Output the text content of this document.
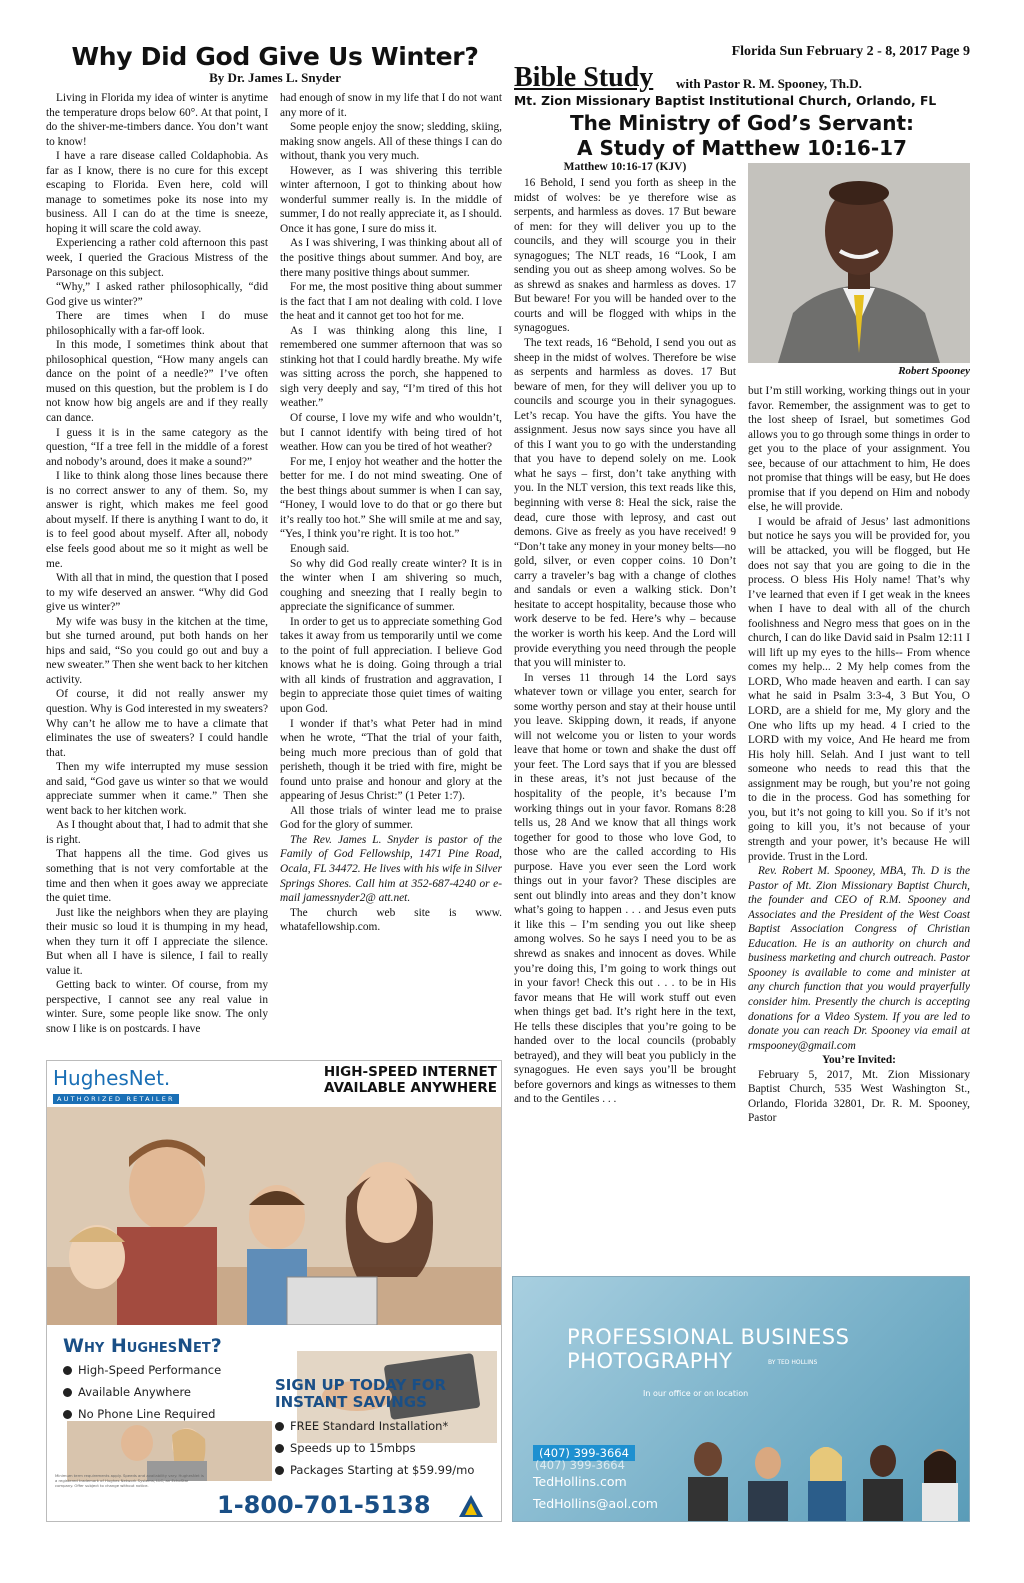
Florida Sun February 2 - 8, 2017 Page 9
Why Did God Give Us Winter?
By Dr. James L. Snyder

Living in Florida my idea of winter is anytime the temperature drops below 60°. At that point, I do the shiver-me-timbers dance. You don’t want to know!

I have a rare disease called Coldaphobia. As far as I know, there is no cure for this except escaping to Florida. Even here, cold will manage to sometimes poke its nose into my business. All I can do at the time is sneeze, hoping it will scare the cold away.

Experiencing a rather cold afternoon this past week, I queried the Gracious Mistress of the Parsonage on this subject.

“Why,” I asked rather philosophically, “did God give us winter?”

There are times when I do muse philosophically with a far-off look.

In this mode, I sometimes think about that philosophical question, “How many angels can dance on the point of a needle?” I’ve often mused on this question, but the problem is I do not know how big angels are and if they really can dance.

I guess it is in the same category as the question, “If a tree fell in the middle of a forest and nobody’s around, does it make a sound?”

I like to think along those lines because there is no correct answer to any of them. So, my answer is right, which makes me feel good about myself. If there is anything I want to do, it is to feel good about myself. After all, nobody else feels good about me so it might as well be me.

With all that in mind, the question that I posed to my wife deserved an answer. “Why did God give us winter?”

My wife was busy in the kitchen at the time, but she turned around, put both hands on her hips and said, “So you could go out and buy a new sweater.” Then she went back to her kitchen activity.

Of course, it did not really answer my question. Why is God interested in my sweaters? Why can’t he allow me to have a climate that eliminates the use of sweaters? I could handle that.

Then my wife interrupted my muse session and said, “God gave us winter so that we would appreciate summer when it came.” Then she went back to her kitchen work.

As I thought about that, I had to admit that she is right.

That happens all the time. God gives us something that is not very comfortable at the time and then when it goes away we appreciate the quiet time.

Just like the neighbors when they are playing their music so loud it is thumping in my head, when they turn it off I appreciate the silence. But when all I have is silence, I fail to really value it.

Getting back to winter. Of course, from my perspective, I cannot see any real value in winter. Sure, some people like snow. The only snow I like is on postcards. I have

had enough of snow in my life that I do not want any more of it.

Some people enjoy the snow; sledding, skiing, making snow angels. All of these things I can do without, thank you very much.

However, as I was shivering this terrible winter afternoon, I got to thinking about how wonderful summer really is. In the middle of summer, I do not really appreciate it, as I should. Once it has gone, I sure do miss it.

As I was shivering, I was thinking about all of the positive things about summer. And boy, are there many positive things about summer.

For me, the most positive thing about summer is the fact that I am not dealing with cold. I love the heat and it cannot get too hot for me.

As I was thinking along this line, I remembered one summer afternoon that was so stinking hot that I could hardly breathe. My wife was sitting across the porch, she happened to sigh very deeply and say, “I’m tired of this hot weather.”

Of course, I love my wife and who wouldn’t, but I cannot identify with being tired of hot weather. How can you be tired of hot weather?

For me, I enjoy hot weather and the hotter the better for me. I do not mind sweating. One of the best things about summer is when I can say, “Honey, I would love to do that or go there but it’s really too hot.” She will smile at me and say, “Yes, I think you’re right. It is too hot.”

Enough said.

So why did God really create winter? It is in the winter when I am shivering so much, coughing and sneezing that I really begin to appreciate the significance of summer.

In order to get us to appreciate something God takes it away from us temporarily until we come to the point of full appreciation. I believe God knows what he is doing. Going through a trial with all kinds of frustration and aggravation, I begin to appreciate those quiet times of waiting upon God.

I wonder if that’s what Peter had in mind when he wrote, “That the trial of your faith, being much more precious than of gold that perisheth, though it be tried with fire, might be found unto praise and honour and glory at the appearing of Jesus Christ:” (1 Peter 1:7).

All those trials of winter lead me to praise God for the glory of summer.

The Rev. James L. Snyder is pastor of the Family of God Fellowship, 1471 Pine Road, Ocala, FL 34472. He lives with his wife in Silver Springs Shores. Call him at 352-687-4240 or e-mail jamessnyder2@ att.net.

The church web site is www. whatafellowship.com.

Bible Study with Pastor R. M. Spooney, Th.D.
Mt. Zion Missionary Baptist Institutional Church, Orlando, FL
The Ministry of God’s Servant:
A Study of Matthew 10:16-17
Matthew 10:16-17 (KJV)

16 Behold, I send you forth as sheep in the midst of wolves: be ye therefore wise as serpents, and harmless as doves. 17 But beware of men: for they will deliver you up to the councils, and they will scourge you in their synagogues; The NLT reads, 16 “Look, I am sending you out as sheep among wolves. So be as shrewd as snakes and harmless as doves. 17 But beware! For you will be handed over to the courts and will be flogged with whips in the synagogues.

The text reads, 16 “Behold, I send you out as sheep in the midst of wolves. Therefore be wise as serpents and harmless as doves. 17 But beware of men, for they will deliver you up to councils and scourge you in their synagogues. Let’s recap. You have the gifts. You have the assignment. Jesus now says since you have all of this I want you to go with the understanding that you have to depend solely on me. Look what he says – first, don’t take anything with you. In the NLT version, this text reads like this, beginning with verse 8: Heal the sick, raise the dead, cure those with leprosy, and cast out demons. Give as freely as you have received! 9 “Don’t take any money in your money belts—no gold, silver, or even copper coins. 10 Don’t carry a traveler’s bag with a change of clothes and sandals or even a walking stick. Don’t hesitate to accept hospitality, because those who work deserve to be fed. Here’s why – because the worker is worth his keep. And the Lord will provide everything you need through the people that you will minister to.

In verses 11 through 14 the Lord says whatever town or village you enter, search for some worthy person and stay at their house until you leave. Skipping down, it reads, if anyone will not welcome you or listen to your words leave that home or town and shake the dust off your feet. The Lord says that if you are blessed in these areas, it’s not just because of the hospitality of the people, it’s because I’m working things out in your favor. Romans 8:28 tells us, 28 And we know that all things work together for good to those who love God, to those who are the called according to His purpose. Have you ever seen the Lord work things out in your favor? These disciples are sent out blindly into areas and they don’t know what’s going to happen . . . and Jesus even puts it like this – I’m sending you out like sheep among wolves. So he says I need you to be as shrewd as snakes and innocent as doves. While you’re doing this, I’m going to work things out in your favor! Check this out . . . to be in His favor means that He will work stuff out even when things get bad. It’s right here in the text, He tells these disciples that you’re going to be handed over to the local councils (probably betrayed), and they will beat you publicly in the synagogues. He even says you’ll be brought before governors and kings as witnesses to them and to the Gentiles . . .

Robert Spooney

but I’m still working, working things out in your favor. Remember, the assignment was to get to the lost sheep of Israel, but sometimes God allows you to go through some things in order to get you to the place of your assignment. You see, because of our attachment to him, He does not promise that things will be easy, but He does promise that if you depend on Him and nobody else, he will provide.

I would be afraid of Jesus’ last admonitions but notice he says you will be provided for, you will be attacked, you will be flogged, but He does not say that you are going to die in the process. O bless His Holy name! That’s why I’ve learned that even if I get weak in the knees when I have to deal with all of the church foolishness and Negro mess that goes on in the church, I can do like David said in Psalm 12:11 I will lift up my eyes to the hills-- From whence comes my help... 2 My help comes from the LORD, Who made heaven and earth. I can say what he said in Psalm 3:3-4, 3 But You, O LORD, are a shield for me, My glory and the One who lifts up my head. 4 I cried to the LORD with my voice, And He heard me from His holy hill. Selah. And I just want to tell someone who needs to read this that the assignment may be rough, but you’re not going to die in the process. God has something for you, but it’s not going to kill you. So if it’s not going to kill you, it’s not because of your strength and your power, it’s because He will provide. Trust in the Lord.

Rev. Robert M. Spooney, MBA, Th. D is the Pastor of Mt. Zion Missionary Baptist Church, the founder and CEO of R.M. Spooney and Associates and the President of the West Coast Baptist Association Congress of Christian Education. He is an authority on church and business marketing and church outreach. Pastor Spooney is available to come and minister at any church function that you would prayerfully consider him. Presently the church is accepting donations for a Video System. If you are led to donate you can reach Dr. Spooney via email at rmspooney@gmail.com

You’re Invited:

February 5, 2017, Mt. Zion Missionary Baptist Church, 535 West Washington St., Orlando, Florida 32801, Dr. R. M. Spooney, Pastor

HughesNet.
AUTHORIZED RETAILER
HIGH-SPEED INTERNET
AVAILABLE ANYWHERE
Why HughesNet?
High-Speed Performance
Available Anywhere
No Phone Line Required
SIGN UP TODAY FOR
INSTANT SAVINGS
FREE Standard Installation*
Speeds up to 15mbps
Packages Starting at $59.99/mo
Minimum term requirements apply. Speeds and availability vary. HughesNet is a registered trademark of Hughes Network Systems, LLC, an EchoStar company. Offer subject to change without notice.
1-800-701-5138
PROFESSIONAL BUSINESS
PHOTOGRAPHY	BY TED HOLLINS
In our office or on location
(407) 399-3664
TedHollins.com
TedHollins@aol.com
(407) 399-3664
